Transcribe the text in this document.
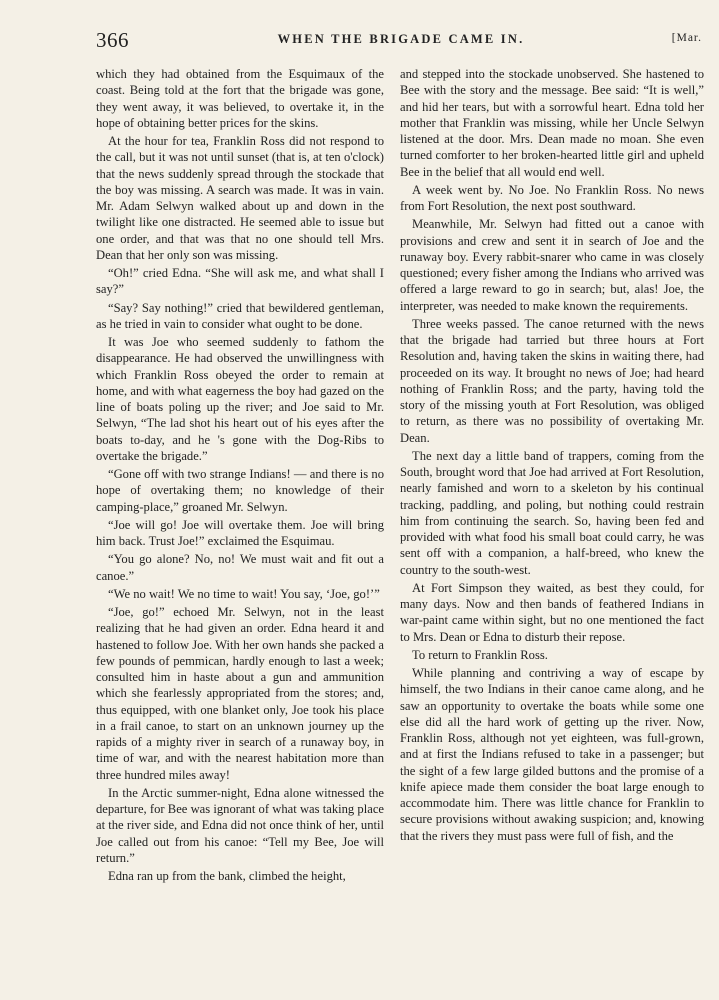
366	WHEN THE BRIGADE CAME IN.	[Mar.

which they had obtained from the Esquimaux of the coast. Being told at the fort that the brigade was gone, they went away, it was believed, to overtake it, in the hope of obtaining better prices for the skins.

At the hour for tea, Franklin Ross did not respond to the call, but it was not until sunset (that is, at ten o'clock) that the news suddenly spread through the stockade that the boy was missing. A search was made. It was in vain. Mr. Adam Selwyn walked about up and down in the twilight like one distracted. He seemed able to issue but one order, and that was that no one should tell Mrs. Dean that her only son was missing.

“Oh!” cried Edna. “She will ask me, and what shall I say?”

“Say? Say nothing!” cried that bewildered gentleman, as he tried in vain to consider what ought to be done.

It was Joe who seemed suddenly to fathom the disappearance. He had observed the unwillingness with which Franklin Ross obeyed the order to remain at home, and with what eagerness the boy had gazed on the line of boats poling up the river; and Joe said to Mr. Selwyn, “The lad shot his heart out of his eyes after the boats to-day, and he 's gone with the Dog-Ribs to overtake the brigade.”

“Gone off with two strange Indians! — and there is no hope of overtaking them; no knowledge of their camping-place,” groaned Mr. Selwyn.

“Joe will go! Joe will overtake them. Joe will bring him back. Trust Joe!” exclaimed the Esquimau.

“You go alone? No, no! We must wait and fit out a canoe.”

“We no wait! We no time to wait! You say, ‘Joe, go!’”

“Joe, go!” echoed Mr. Selwyn, not in the least realizing that he had given an order. Edna heard it and hastened to follow Joe. With her own hands she packed a few pounds of pemmican, hardly enough to last a week; consulted him in haste about a gun and ammunition which she fearlessly appropriated from the stores; and, thus equipped, with one blanket only, Joe took his place in a frail canoe, to start on an unknown journey up the rapids of a mighty river in search of a runaway boy, in time of war, and with the nearest habitation more than three hundred miles away!

In the Arctic summer-night, Edna alone witnessed the departure, for Bee was ignorant of what was taking place at the river side, and Edna did not once think of her, until Joe called out from his canoe: “Tell my Bee, Joe will return.”

Edna ran up from the bank, climbed the height,

and stepped into the stockade unobserved. She hastened to Bee with the story and the message. Bee said: “It is well,” and hid her tears, but with a sorrowful heart. Edna told her mother that Franklin was missing, while her Uncle Selwyn listened at the door. Mrs. Dean made no moan. She even turned comforter to her broken-hearted little girl and upheld Bee in the belief that all would end well.

A week went by. No Joe. No Franklin Ross. No news from Fort Resolution, the next post southward.

Meanwhile, Mr. Selwyn had fitted out a canoe with provisions and crew and sent it in search of Joe and the runaway boy. Every rabbit-snarer who came in was closely questioned; every fisher among the Indians who arrived was offered a large reward to go in search; but, alas! Joe, the interpreter, was needed to make known the requirements.

Three weeks passed. The canoe returned with the news that the brigade had tarried but three hours at Fort Resolution and, having taken the skins in waiting there, had proceeded on its way. It brought no news of Joe; had heard nothing of Franklin Ross; and the party, having told the story of the missing youth at Fort Resolution, was obliged to return, as there was no possibility of overtaking Mr. Dean.

The next day a little band of trappers, coming from the South, brought word that Joe had arrived at Fort Resolution, nearly famished and worn to a skeleton by his continual tracking, paddling, and poling, but nothing could restrain him from continuing the search. So, having been fed and provided with what food his small boat could carry, he was sent off with a companion, a half-breed, who knew the country to the south-west.

At Fort Simpson they waited, as best they could, for many days. Now and then bands of feathered Indians in war-paint came within sight, but no one mentioned the fact to Mrs. Dean or Edna to disturb their repose.

To return to Franklin Ross.

While planning and contriving a way of escape by himself, the two Indians in their canoe came along, and he saw an opportunity to overtake the boats while some one else did all the hard work of getting up the river. Now, Franklin Ross, although not yet eighteen, was full-grown, and at first the Indians refused to take in a passenger; but the sight of a few large gilded buttons and the promise of a knife apiece made them consider the boat large enough to accommodate him. There was little chance for Franklin to secure provisions without awaking suspicion; and, knowing that the rivers they must pass were full of fish, and the
